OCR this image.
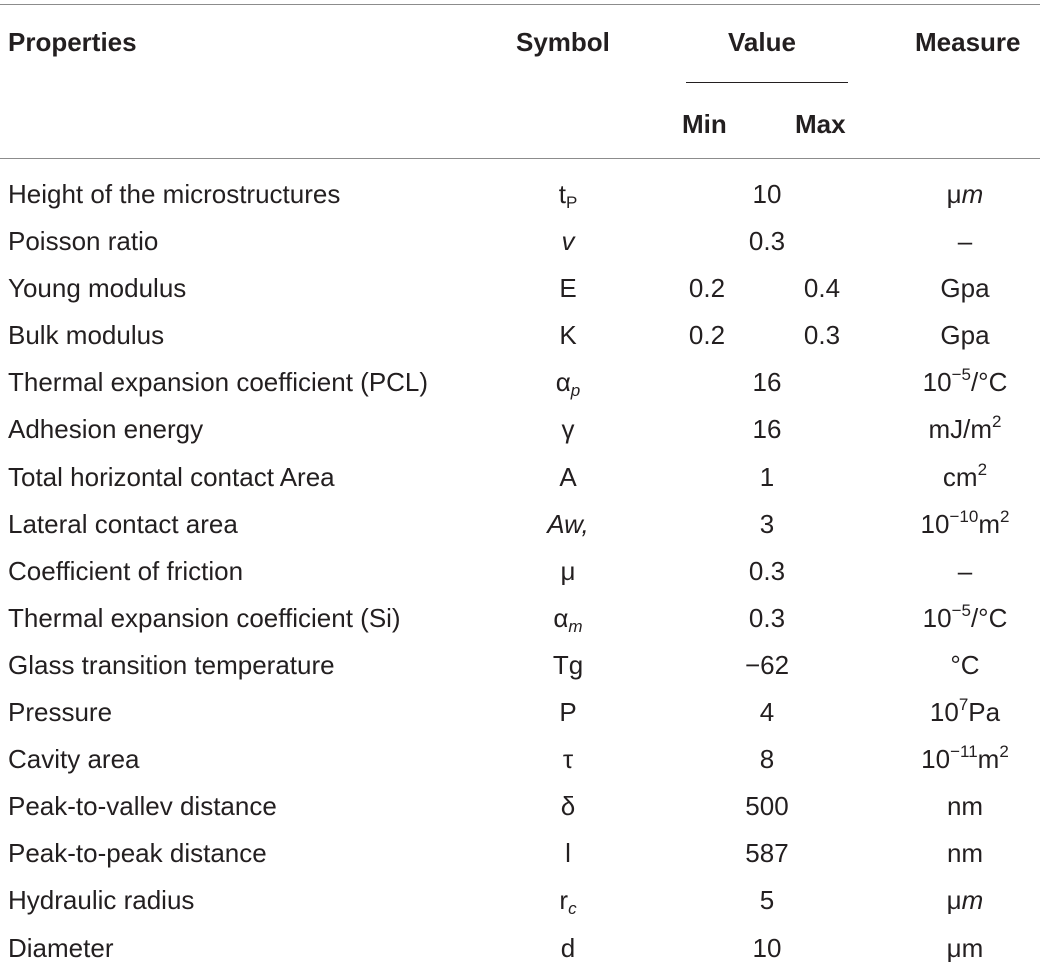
Properties	Symbol	Value	Measure
Min	Max
Height of the microstructures	$t_P$	10	μm
Poisson ratio	v	0.3	–
Young modulus	E	0.2	0.4	Gpa
Bulk modulus	K	0.2	0.3	Gpa
Thermal expansion coefficient (PCL)	$\alpha_p$	16	$10^{-5}/^\circ C$
Adhesion energy	γ	16	$mJ/m^2$
Total horizontal contact Area	A	1	$cm^2$
Lateral contact area	Aw,	3	$10^{-10}m^2$
Coefficient of friction	μ	0.3	–
Thermal expansion coefficient (Si)	$\alpha_m$	0.3	$10^{-5}/^\circ C$
Glass transition temperature	Tg	−62	°C
Pressure	P	4	$10^7Pa$
Cavity area	τ	8	$10^{-11}m^2$
Peak-to-vallev distance	δ	500	nm
Peak-to-peak distance	l	587	nm
Hydraulic radius	$r_c$	5	μm
Diameter	d	10	μm
